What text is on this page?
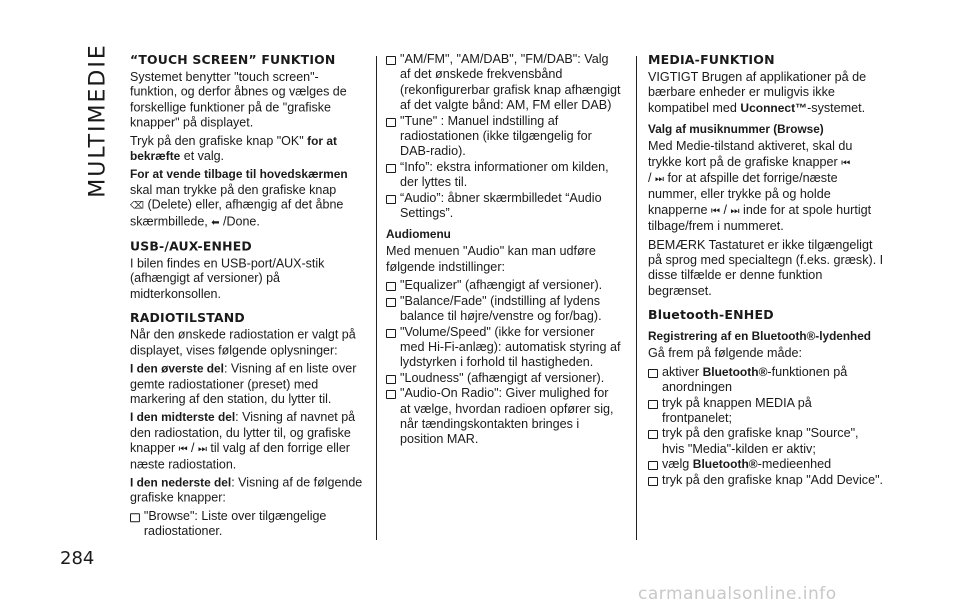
MULTIMEDIE
284
“TOUCH SCREEN” FUNKTION

Systemet benytter "touch screen"-funktion, og derfor åbnes og vælges de forskellige funktioner på de "grafiske knapper" på displayet.

Tryk på den grafiske knap "OK" for at bekræfte et valg.

For at vende tilbage til hovedskærmen skal man trykke på den grafiske knap
⌫ (Delete) eller, afhængig af det åbne skærmbillede, ⬅ /Done.

USB-/AUX-ENHED

I bilen findes en USB-port/AUX-stik (afhængigt af versioner) på midterkonsollen.

RADIOTILSTAND

Når den ønskede radiostation er valgt på displayet, vises følgende oplysninger:

I den øverste del: Visning af en liste over gemte radiostationer (preset) med markering af den station, du lytter til.

I den midterste del: Visning af navnet på den radiostation, du lytter til, og grafiske
knapper ⏮ / ⏭ til valg af den forrige eller næste radiostation.

I den nederste del: Visning af de følgende grafiske knapper:

"Browse": Liste over tilgængelige radiostationer.

"AM/FM", "AM/DAB", "FM/DAB": Valg af det ønskede frekvensbånd (rekonfigurerbar grafisk knap afhængigt af det valgte bånd: AM, FM eller DAB)

"Tune" : Manuel indstilling af radiostationen (ikke tilgængelig for DAB-radio).

“Info”: ekstra informationer om kilden, der lyttes til.

“Audio”: åbner skærmbilledet “Audio Settings”.

Audiomenu

Med menuen "Audio" kan man udføre følgende indstillinger:

"Equalizer" (afhængigt af versioner).

"Balance/Fade" (indstilling af lydens balance til højre/venstre og for/bag).

"Volume/Speed" (ikke for versioner med Hi-Fi-anlæg): automatisk styring af lydstyrken i forhold til hastigheden.

"Loudness" (afhængigt af versioner).

"Audio-On Radio": Giver mulighed for at vælge, hvordan radioen opfører sig, når tændingskontakten bringes i position MAR.

MEDIA-FUNKTION

VIGTIGT Brugen af applikationer på de bærbare enheder er muligvis ikke kompatibel med Uconnect™-systemet.

Valg af musiknummer (Browse)

Med Medie-tilstand aktiveret, skal du trykke kort på de grafiske knapper ⏮
/ ⏭ for at afspille det forrige/næste nummer, eller trykke på og holde
knapperne ⏮ / ⏭ inde for at spole hurtigt tilbage/frem i nummeret.

BEMÆRK Tastaturet er ikke tilgængeligt på sprog med specialtegn (f.eks. græsk). I disse tilfælde er denne funktion begrænset.

Bluetooth-ENHED
Registrering af en Bluetooth®-lydenhed

Gå frem på følgende måde:

aktiver Bluetooth®-funktionen på anordningen

tryk på knappen MEDIA på frontpanelet;

tryk på den grafiske knap "Source", hvis "Media"-kilden er aktiv;

vælg Bluetooth®-medieenhed

tryk på den grafiske knap "Add Device".

carmanualsonline.info
